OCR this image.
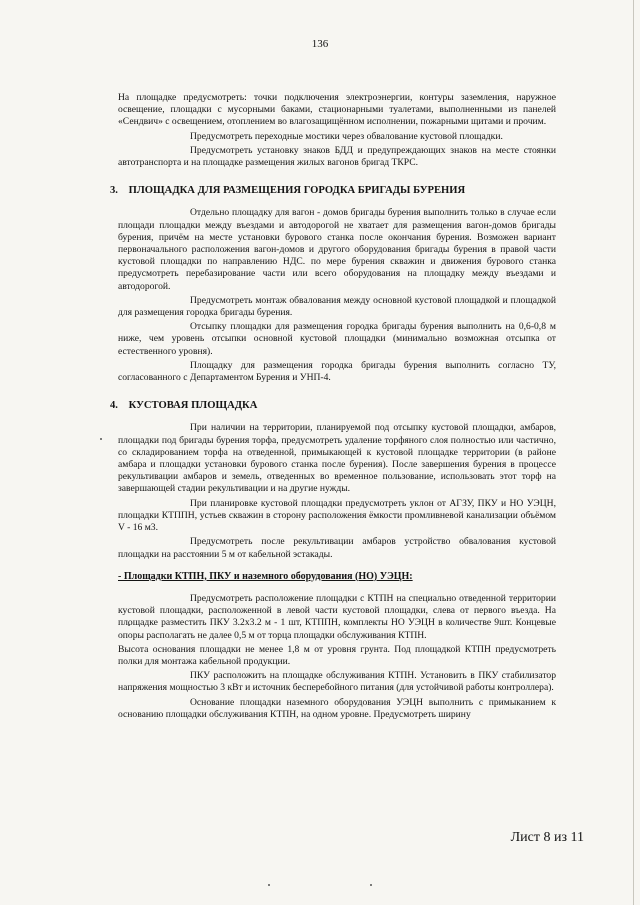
136

На площадке предусмотреть: точки подключения электроэнергии, контуры заземления, наружное освещение, площадки с мусорными баками, стационарными туалетами, выполненными из панелей «Сендвич» с освещением, отоплением во влагозащищённом исполнении, пожарными щитами и прочим.

Предусмотреть переходные мостики через обвалование кустовой площадки.

Предусмотреть установку знаков БДД и предупреждающих знаков на месте стоянки автотранспорта и на площадке размещения жилых вагонов бригад ТКРС.

3. ПЛОЩАДКА ДЛЯ РАЗМЕЩЕНИЯ ГОРОДКА БРИГАДЫ БУРЕНИЯ

Отдельно площадку для вагон - домов бригады бурения выполнить только в случае если площади площадки между въездами и автодорогой не хватает для размещения вагон-домов бригады бурения, причём на месте установки бурового станка после окончания бурения. Возможен вариант первоначального расположения вагон-домов и другого оборудования бригады бурения в правой части кустовой площадки по направлению НДС. по мере бурения скважин и движения бурового станка предусмотреть перебазирование части или всего оборудования на площадку между въездами и автодорогой.

Предусмотреть монтаж обвалования между основной кустовой площадкой и площадкой для размещения городка бригады бурения.

Отсыпку площадки для размещения городка бригады бурения выполнить на 0,6-0,8 м ниже, чем уровень отсыпки основной кустовой площадки (минимально возможная отсыпка от естественного уровня).

Площадку для размещения городка бригады бурения выполнить согласно ТУ, согласованного с Департаментом Бурения и УНП-4.

4. КУСТОВАЯ ПЛОЩАДКА

При наличии на территории, планируемой под отсыпку кустовой площадки, амбаров, площадки под бригады бурения торфа, предусмотреть удаление торфяного слоя полностью или частично, со складированием торфа на отведенной, примыкающей к кустовой площадке территории (в районе амбара и площадки установки бурового станка после бурения). После завершения бурения в процессе рекультивации амбаров и земель, отведенных во временное пользование, использовать этот торф на завершающей стадии рекультивации и на другие нужды.

При планировке кустовой площадки предусмотреть уклон от АГЗУ, ПКУ и НО УЭЦН, площадки КТППН, устьев скважин в сторону расположения ёмкости промливневой канализации объёмом V - 16 м3.

Предусмотреть после рекультивации амбаров устройство обвалования кустовой площадки на расстоянии 5 м от кабельной эстакады.

- Площадки КТПН, ПКУ и наземного оборудования (НО) УЭЦН:

Предусмотреть расположение площадки с КТПН на специально отведенной территории кустовой площадки, расположенной в левой части кустовой площадки, слева от первого въезда. На площадке разместить ПКУ 3.2х3.2 м - 1 шт, КТППН, комплекты НО УЭЦН в количестве 9шт. Концевые опоры располагать не далее 0,5 м от торца площадки обслуживания КТПН.

Высота основания площадки не менее 1,8 м от уровня грунта. Под площадкой КТПН предусмотреть полки для монтажа кабельной продукции.

ПКУ расположить на площадке обслуживания КТПН. Установить в ПКУ стабилизатор напряжения мощностью 3 кВт и источник бесперебойного питания (для устойчивой работы контроллера).

Основание площадки наземного оборудования УЭЦН выполнить с примыканием к основанию площадки обслуживания КТПН, на одном уровне. Предусмотреть ширину

Лист 8 из 11
